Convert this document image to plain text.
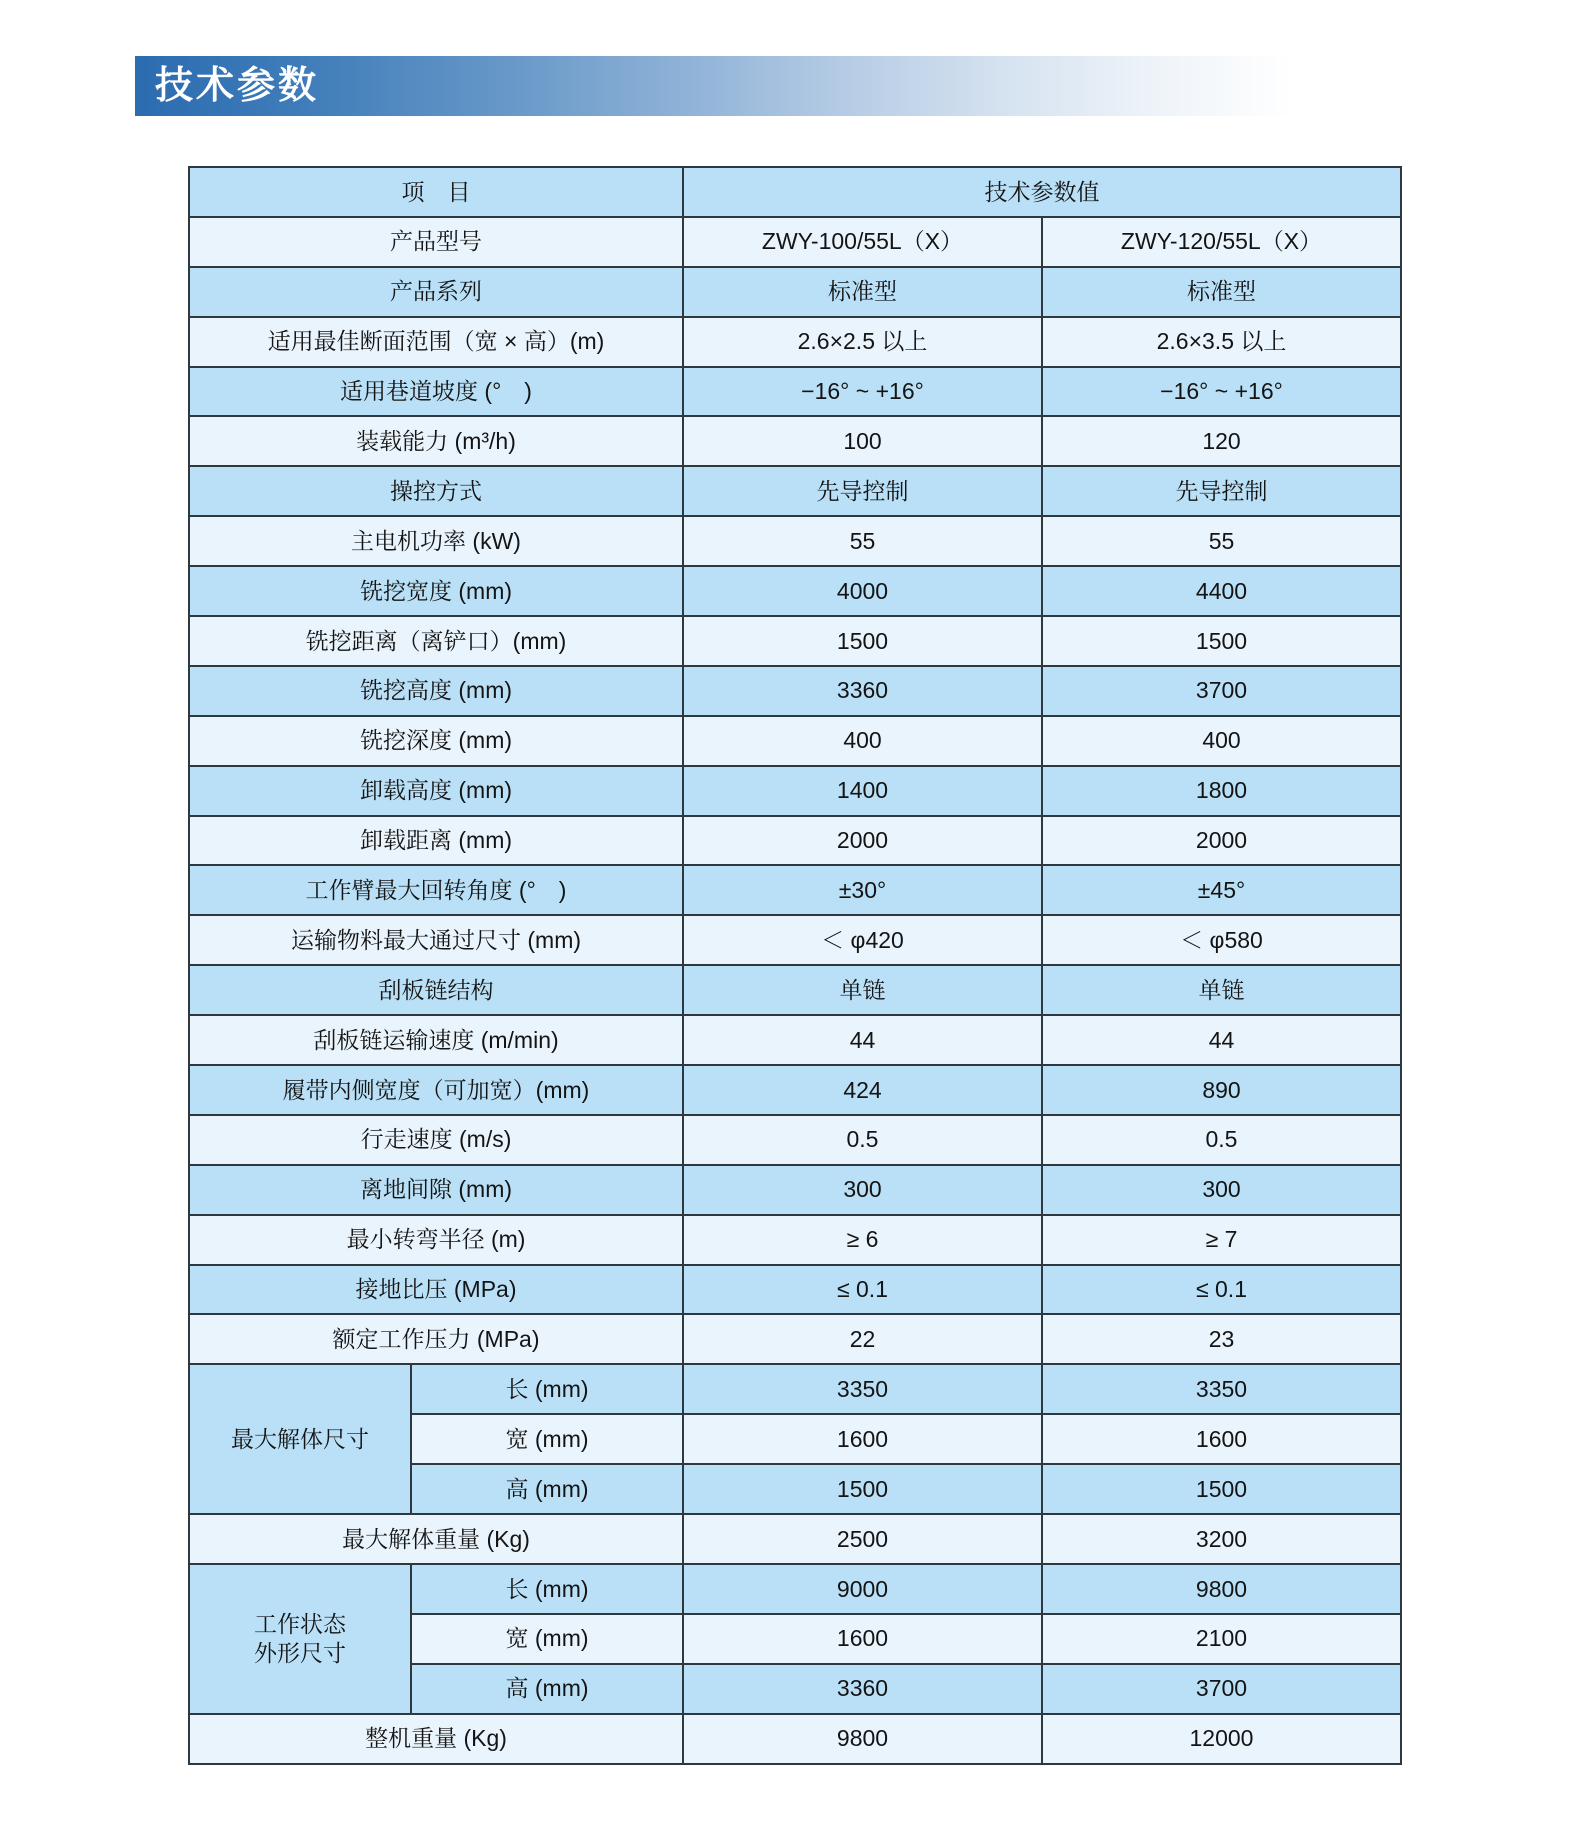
技术参数
项　目		技术参数值	
产品型号		ZWY-100/55L（X）	ZWY-120/55L（X）
产品系列		标准型	标准型
适用最佳断面范围（宽 × 高）(m)		2.6×2.5 以上	2.6×3.5 以上
适用巷道坡度 (°　)		−16° ~ +16°	−16° ~ +16°
装载能力 (m³/h)		100	120
操控方式		先导控制	先导控制
主电机功率 (kW)		55	55
铣挖宽度 (mm)		4000	4400
铣挖距离（离铲口）(mm)		1500	1500
铣挖高度 (mm)		3360	3700
铣挖深度 (mm)		400	400
卸载高度 (mm)		1400	1800
卸载距离 (mm)		2000	2000
工作臂最大回转角度 (°　)		±30°	±45°
运输物料最大通过尺寸 (mm)		＜ φ420	＜ φ580
刮板链结构		单链	单链
刮板链运输速度 (m/min)		44	44
履带内侧宽度（可加宽）(mm)		424	890
行走速度 (m/s)		0.5	0.5
离地间隙 (mm)		300	300
最小转弯半径 (m)		≥ 6	≥ 7
接地比压 (MPa)		≤ 0.1	≤ 0.1
额定工作压力 (MPa)		22	23
最大解体尺寸	长 (mm)	3350	3350
	宽 (mm)	1600	1600
	高 (mm)	1500	1500
最大解体重量 (Kg)		2500	3200
工作状态
外形尺寸	长 (mm)	9000	9800
	宽 (mm)	1600	2100
	高 (mm)	3360	3700
整机重量 (Kg)		9800	12000
